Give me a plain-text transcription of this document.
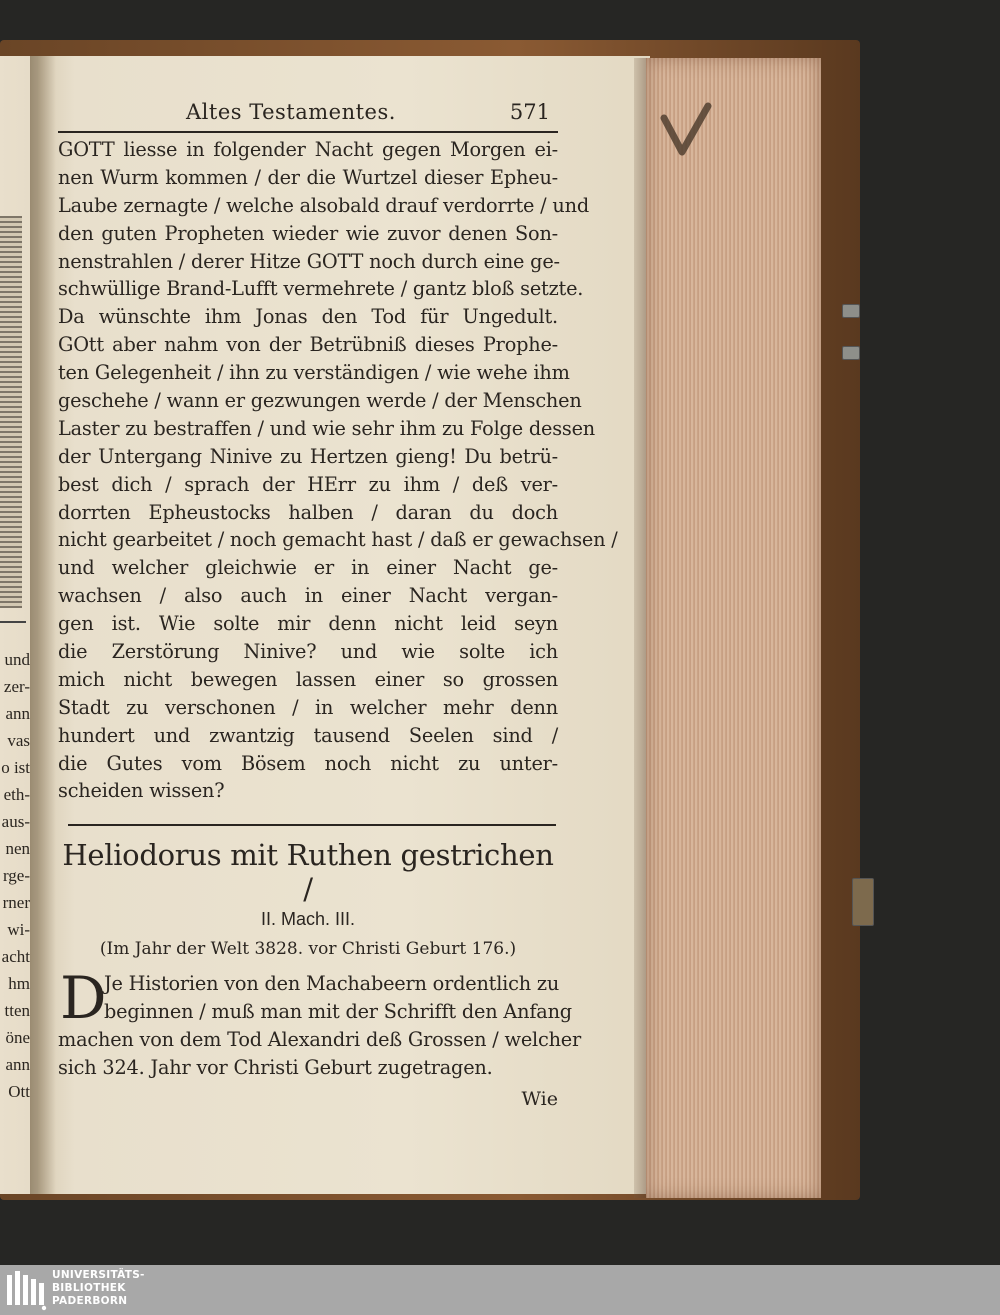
und
zer-
ann
vas
o ist
eth-
aus-
nen
rge-
rner
wi-
acht
hm
tten
öne
ann
Ott
Altes Testamentes.	571
GOTT liesse in folgender Nacht gegen Morgen ei-
nen Wurm kommen / der die Wurtzel dieser Epheu-
Laube zernagte / welche alsobald drauf verdorrte / und
den guten Propheten wieder wie zuvor denen Son-
nenstrahlen / derer Hitze GOTT noch durch eine ge-
schwüllige Brand-Lufft vermehrete / gantz bloß setzte.
Da wünschte ihm Jonas den Tod für Ungedult.
GOtt aber nahm von der Betrübniß dieses Prophe-
ten Gelegenheit / ihn zu verständigen / wie wehe ihm
geschehe / wann er gezwungen werde / der Menschen
Laster zu bestraffen / und wie sehr ihm zu Folge dessen
der Untergang Ninive zu Hertzen gieng! Du betrü-
best dich / sprach der HErr zu ihm / deß ver-
dorrten Epheustocks halben / daran du doch
nicht gearbeitet / noch gemacht hast / daß er gewachsen /
und welcher gleichwie er in einer Nacht ge-
wachsen / also auch in einer Nacht vergan-
gen ist. Wie solte mir denn nicht leid seyn
die Zerstörung Ninive? und wie solte ich
mich nicht bewegen lassen einer so grossen
Stadt zu verschonen / in welcher mehr denn
hundert und zwantzig tausend Seelen sind /
die Gutes vom Bösem noch nicht zu unter-
scheiden wissen?
Heliodorus mit Ruthen gestrichen /
II. Mach. III.
(Im Jahr der Welt 3828. vor Christi Geburt 176.)
D
Je Historien von den Machabeern ordentlich zu
beginnen / muß man mit der Schrifft den Anfang
machen von dem Tod Alexandri deß Grossen / welcher
sich 324. Jahr vor Christi Geburt zugetragen.
Wie
UNIVERSITÄTS-
BIBLIOTHEK
PADERBORN
